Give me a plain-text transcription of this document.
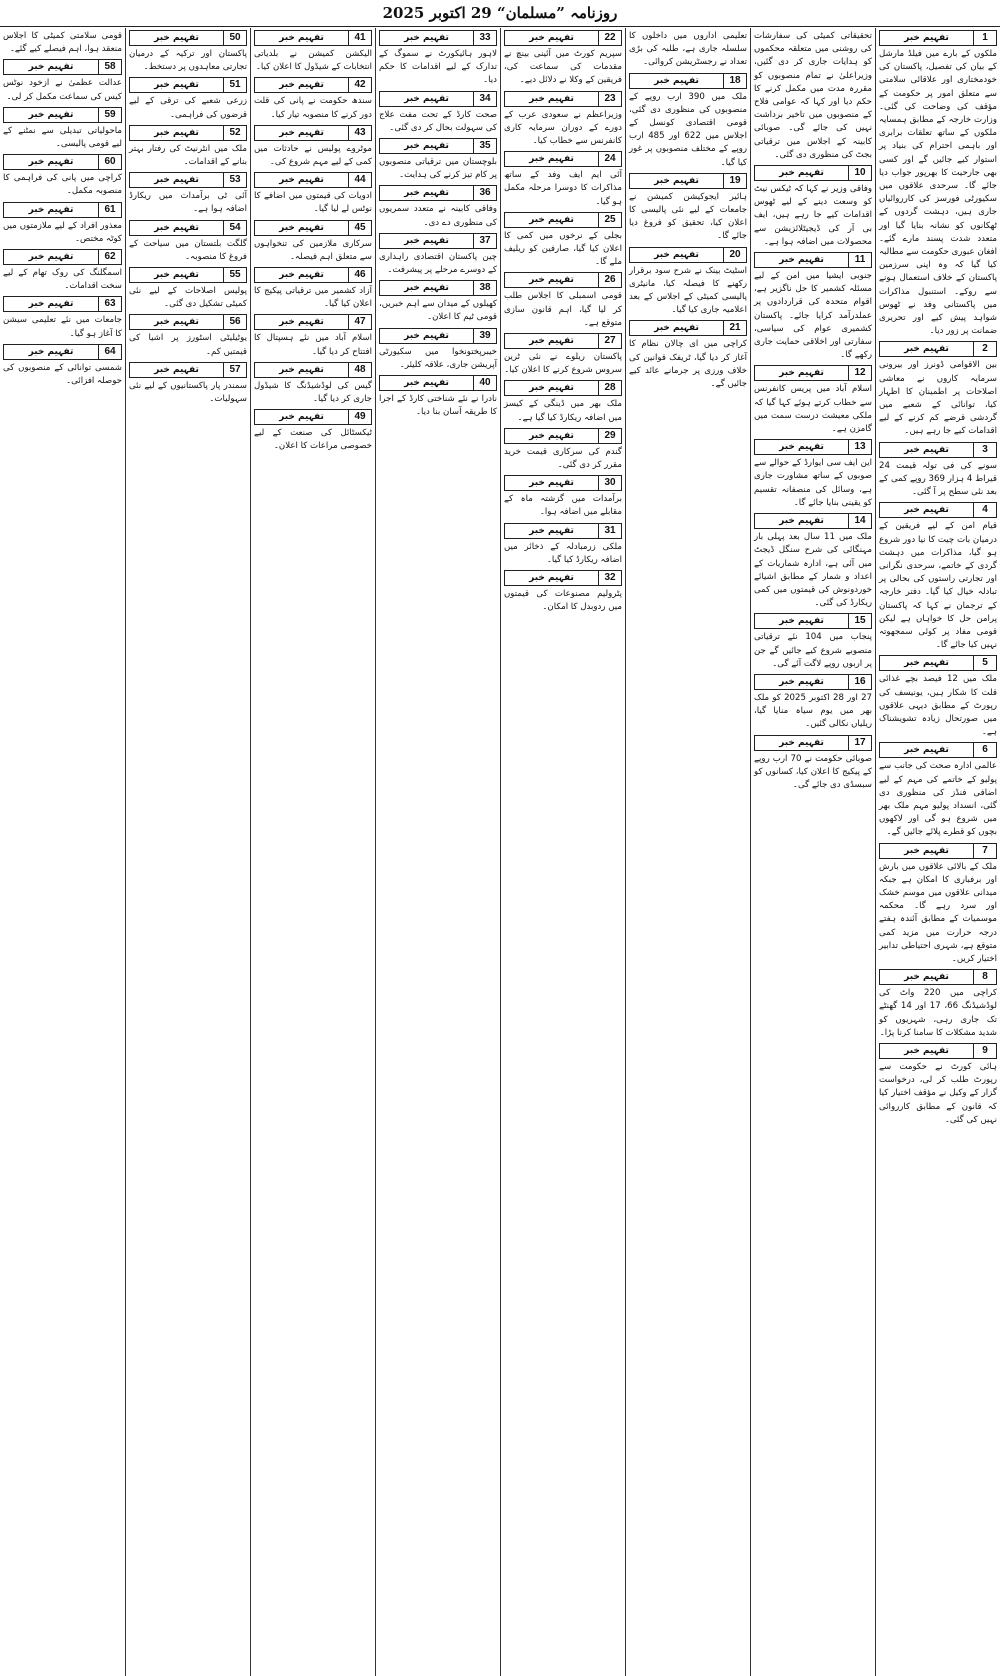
روزنامہ ”مسلمان“ 29 اکتوبر 2025
1
تفہیم خبر
ملکوں کے بارے میں فیلڈ مارشل کے بیان کی تفصیل، پاکستان کی خودمختاری اور علاقائی سلامتی سے متعلق امور پر حکومت کے مؤقف کی وضاحت کی گئی۔ وزارت خارجہ کے مطابق ہمسایہ ملکوں کے ساتھ تعلقات برابری اور باہمی احترام کی بنیاد پر استوار کیے جائیں گے اور کسی بھی جارحیت کا بھرپور جواب دیا جائے گا۔ سرحدی علاقوں میں سکیورٹی فورسز کی کارروائیاں جاری ہیں، دہشت گردوں کے ٹھکانوں کو نشانہ بنایا گیا اور متعدد شدت پسند مارے گئے۔ افغان عبوری حکومت سے مطالبہ کیا گیا کہ وہ اپنی سرزمین پاکستان کے خلاف استعمال ہونے سے روکے۔ استنبول مذاکرات میں پاکستانی وفد نے ٹھوس شواہد پیش کیے اور تحریری ضمانت پر زور دیا۔
2
تفہیم خبر
بین الاقوامی ڈونرز اور بیرونی سرمایہ کاروں نے معاشی اصلاحات پر اطمینان کا اظہار کیا، توانائی کے شعبے میں گردشی قرضے کم کرنے کے لیے اقدامات کیے جا رہے ہیں۔
3
تفہیم خبر
سونے کی فی تولہ قیمت 24 قیراط 4 ہزار 369 روپے کمی کے بعد نئی سطح پر آ گئی۔
4
تفہیم خبر
قیام امن کے لیے فریقین کے درمیان بات چیت کا نیا دور شروع ہو گیا، مذاکرات میں دہشت گردی کے خاتمے، سرحدی نگرانی اور تجارتی راستوں کی بحالی پر تبادلہ خیال کیا گیا۔ دفتر خارجہ کے ترجمان نے کہا کہ پاکستان پرامن حل کا خواہاں ہے لیکن قومی مفاد پر کوئی سمجھوتہ نہیں کیا جائے گا۔
5
تفہیم خبر
ملک میں 12 فیصد بچے غذائی قلت کا شکار ہیں، یونیسف کی رپورٹ کے مطابق دیہی علاقوں میں صورتحال زیادہ تشویشناک ہے۔
6
تفہیم خبر
عالمی ادارہ صحت کی جانب سے پولیو کے خاتمے کی مہم کے لیے اضافی فنڈز کی منظوری دی گئی، انسداد پولیو مہم ملک بھر میں شروع ہو گی اور لاکھوں بچوں کو قطرے پلائے جائیں گے۔
7
تفہیم خبر
ملک کے بالائی علاقوں میں بارش اور برفباری کا امکان ہے جبکہ میدانی علاقوں میں موسم خشک اور سرد رہے گا۔ محکمہ موسمیات کے مطابق آئندہ ہفتے درجہ حرارت میں مزید کمی متوقع ہے، شہری احتیاطی تدابیر اختیار کریں۔
8
تفہیم خبر
کراچی میں 220 واٹ کی لوڈشیڈنگ 66، 17 اور 14 گھنٹے تک جاری رہی، شہریوں کو شدید مشکلات کا سامنا کرنا پڑا۔
9
تفہیم خبر
ہائی کورٹ نے حکومت سے رپورٹ طلب کر لی، درخواست گزار کے وکیل نے مؤقف اختیار کیا کہ قانون کے مطابق کارروائی نہیں کی گئی۔
تحقیقاتی کمیٹی کی سفارشات کی روشنی میں متعلقہ محکموں کو ہدایات جاری کر دی گئیں، وزیراعلیٰ نے تمام منصوبوں کو مقررہ مدت میں مکمل کرنے کا حکم دیا اور کہا کہ عوامی فلاح کے منصوبوں میں تاخیر برداشت نہیں کی جائے گی۔ صوبائی کابینہ کے اجلاس میں ترقیاتی بجٹ کی منظوری دی گئی۔
10
تفہیم خبر
وفاقی وزیر نے کہا کہ ٹیکس نیٹ کو وسعت دینے کے لیے ٹھوس اقدامات کیے جا رہے ہیں، ایف بی آر کی ڈیجیٹلائزیشن سے محصولات میں اضافہ ہوا ہے۔
11
تفہیم خبر
جنوبی ایشیا میں امن کے لیے مسئلہ کشمیر کا حل ناگزیر ہے، اقوام متحدہ کی قراردادوں پر عملدرآمد کرایا جائے۔ پاکستان کشمیری عوام کی سیاسی، سفارتی اور اخلاقی حمایت جاری رکھے گا۔
12
تفہیم خبر
اسلام آباد میں پریس کانفرنس سے خطاب کرتے ہوئے کہا گیا کہ ملکی معیشت درست سمت میں گامزن ہے۔
13
تفہیم خبر
این ایف سی ایوارڈ کے حوالے سے صوبوں کے ساتھ مشاورت جاری ہے، وسائل کی منصفانہ تقسیم کو یقینی بنایا جائے گا۔
14
تفہیم خبر
ملک میں 11 سال بعد پہلی بار مہنگائی کی شرح سنگل ڈیجٹ میں آئی ہے، ادارہ شماریات کے اعداد و شمار کے مطابق اشیائے خوردونوش کی قیمتوں میں کمی ریکارڈ کی گئی۔
15
تفہیم خبر
پنجاب میں 104 نئے ترقیاتی منصوبے شروع کیے جائیں گے جن پر اربوں روپے لاگت آئے گی۔
16
تفہیم خبر
27 اور 28 اکتوبر 2025 کو ملک بھر میں یوم سیاہ منایا گیا، ریلیاں نکالی گئیں۔
17
تفہیم خبر
صوبائی حکومت نے 70 ارب روپے کے پیکیج کا اعلان کیا، کسانوں کو سبسڈی دی جائے گی۔
تعلیمی اداروں میں داخلوں کا سلسلہ جاری ہے، طلبہ کی بڑی تعداد نے رجسٹریشن کروائی۔
18
تفہیم خبر
ملک میں 390 ارب روپے کے منصوبوں کی منظوری دی گئی، قومی اقتصادی کونسل کے اجلاس میں 622 اور 485 ارب روپے کے مختلف منصوبوں پر غور کیا گیا۔
19
تفہیم خبر
ہائیر ایجوکیشن کمیشن نے جامعات کے لیے نئی پالیسی کا اعلان کیا، تحقیق کو فروغ دیا جائے گا۔
20
تفہیم خبر
اسٹیٹ بینک نے شرح سود برقرار رکھنے کا فیصلہ کیا، مانیٹری پالیسی کمیٹی کے اجلاس کے بعد اعلامیہ جاری کیا گیا۔
21
تفہیم خبر
کراچی میں ای چالان نظام کا آغاز کر دیا گیا، ٹریفک قوانین کی خلاف ورزی پر جرمانے عائد کیے جائیں گے۔
22
تفہیم خبر
سپریم کورٹ میں آئینی بینچ نے مقدمات کی سماعت کی، فریقین کے وکلا نے دلائل دیے۔
23
تفہیم خبر
وزیراعظم نے سعودی عرب کے دورے کے دوران سرمایہ کاری کانفرنس سے خطاب کیا۔
24
تفہیم خبر
آئی ایم ایف وفد کے ساتھ مذاکرات کا دوسرا مرحلہ مکمل ہو گیا۔
25
تفہیم خبر
بجلی کے نرخوں میں کمی کا اعلان کیا گیا، صارفین کو ریلیف ملے گا۔
26
تفہیم خبر
قومی اسمبلی کا اجلاس طلب کر لیا گیا، اہم قانون سازی متوقع ہے۔
27
تفہیم خبر
پاکستان ریلوے نے نئی ٹرین سروس شروع کرنے کا اعلان کیا۔
28
تفہیم خبر
ملک بھر میں ڈینگی کے کیسز میں اضافہ ریکارڈ کیا گیا ہے۔
29
تفہیم خبر
گندم کی سرکاری قیمت خرید مقرر کر دی گئی۔
30
تفہیم خبر
برآمدات میں گزشتہ ماہ کے مقابلے میں اضافہ ہوا۔
31
تفہیم خبر
ملکی زرمبادلہ کے ذخائر میں اضافہ ریکارڈ کیا گیا۔
32
تفہیم خبر
پٹرولیم مصنوعات کی قیمتوں میں ردوبدل کا امکان۔
33
تفہیم خبر
لاہور ہائیکورٹ نے سموگ کے تدارک کے لیے اقدامات کا حکم دیا۔
34
تفہیم خبر
صحت کارڈ کے تحت مفت علاج کی سہولت بحال کر دی گئی۔
35
تفہیم خبر
بلوچستان میں ترقیاتی منصوبوں پر کام تیز کرنے کی ہدایت۔
36
تفہیم خبر
وفاقی کابینہ نے متعدد سمریوں کی منظوری دے دی۔
37
تفہیم خبر
چین پاکستان اقتصادی راہداری کے دوسرے مرحلے پر پیشرفت۔
38
تفہیم خبر
کھیلوں کے میدان سے اہم خبریں، قومی ٹیم کا اعلان۔
39
تفہیم خبر
خیبرپختونخوا میں سکیورٹی آپریشن جاری، علاقہ کلیئر۔
40
تفہیم خبر
نادرا نے نئے شناختی کارڈ کے اجرا کا طریقہ آسان بنا دیا۔
41
تفہیم خبر
الیکشن کمیشن نے بلدیاتی انتخابات کے شیڈول کا اعلان کیا۔
42
تفہیم خبر
سندھ حکومت نے پانی کی قلت دور کرنے کا منصوبہ تیار کیا۔
43
تفہیم خبر
موٹروے پولیس نے حادثات میں کمی کے لیے مہم شروع کی۔
44
تفہیم خبر
ادویات کی قیمتوں میں اضافے کا نوٹس لے لیا گیا۔
45
تفہیم خبر
سرکاری ملازمین کی تنخواہوں سے متعلق اہم فیصلہ۔
46
تفہیم خبر
آزاد کشمیر میں ترقیاتی پیکیج کا اعلان کیا گیا۔
47
تفہیم خبر
اسلام آباد میں نئے ہسپتال کا افتتاح کر دیا گیا۔
48
تفہیم خبر
گیس کی لوڈشیڈنگ کا شیڈول جاری کر دیا گیا۔
49
تفہیم خبر
ٹیکسٹائل کی صنعت کے لیے خصوصی مراعات کا اعلان۔
50
تفہیم خبر
پاکستان اور ترکیہ کے درمیان تجارتی معاہدوں پر دستخط۔
51
تفہیم خبر
زرعی شعبے کی ترقی کے لیے قرضوں کی فراہمی۔
52
تفہیم خبر
ملک میں انٹرنیٹ کی رفتار بہتر بنانے کے اقدامات۔
53
تفہیم خبر
آئی ٹی برآمدات میں ریکارڈ اضافہ ہوا ہے۔
54
تفہیم خبر
گلگت بلتستان میں سیاحت کے فروغ کا منصوبہ۔
55
تفہیم خبر
پولیس اصلاحات کے لیے نئی کمیٹی تشکیل دی گئی۔
56
تفہیم خبر
یوٹیلیٹی اسٹورز پر اشیا کی قیمتیں کم۔
57
تفہیم خبر
سمندر پار پاکستانیوں کے لیے نئی سہولیات۔
قومی سلامتی کمیٹی کا اجلاس منعقد ہوا، اہم فیصلے کیے گئے۔
58
تفہیم خبر
عدالت عظمیٰ نے ازخود نوٹس کیس کی سماعت مکمل کر لی۔
59
تفہیم خبر
ماحولیاتی تبدیلی سے نمٹنے کے لیے قومی پالیسی۔
60
تفہیم خبر
کراچی میں پانی کی فراہمی کا منصوبہ مکمل۔
61
تفہیم خبر
معذور افراد کے لیے ملازمتوں میں کوٹہ مختص۔
62
تفہیم خبر
اسمگلنگ کی روک تھام کے لیے سخت اقدامات۔
63
تفہیم خبر
جامعات میں نئے تعلیمی سیشن کا آغاز ہو گیا۔
64
تفہیم خبر
شمسی توانائی کے منصوبوں کی حوصلہ افزائی۔
